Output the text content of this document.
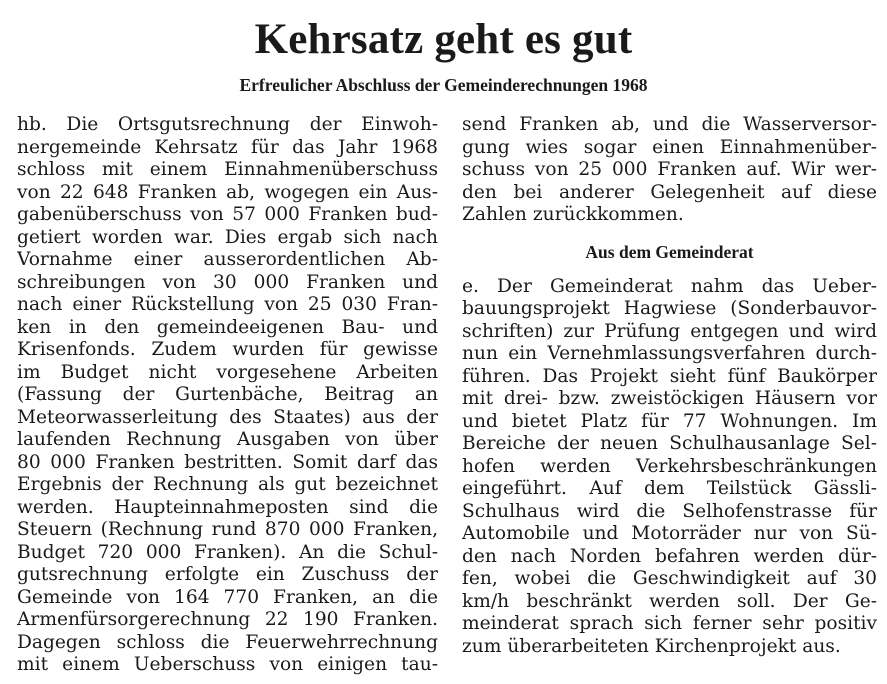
Kehrsatz geht es gut
Erfreulicher Abschluss der Gemeinderechnungen 1968
hb. Die Ortsgutsrechnung der Einwoh-
nergemeinde Kehrsatz für das Jahr 1968
schloss mit einem Einnahmenüberschuss
von 22 648 Franken ab, wogegen ein Aus-
gabenüberschuss von 57 000 Franken bud-
getiert worden war. Dies ergab sich nach
Vornahme einer ausserordentlichen Ab-
schreibungen von 30 000 Franken und
nach einer Rückstellung von 25 030 Fran-
ken in den gemeindeeigenen Bau- und
Krisenfonds. Zudem wurden für gewisse
im Budget nicht vorgesehene Arbeiten
(Fassung der Gurtenbäche, Beitrag an
Meteorwasserleitung des Staates) aus der
laufenden Rechnung Ausgaben von über
80 000 Franken bestritten. Somit darf das
Ergebnis der Rechnung als gut bezeichnet
werden. Haupteinnahmeposten sind die
Steuern (Rechnung rund 870 000 Franken,
Budget 720 000 Franken). An die Schul-
gutsrechnung erfolgte ein Zuschuss der
Gemeinde von 164 770 Franken, an die
Armenfürsorgerechnung 22 190 Franken.
Dagegen schloss die Feuerwehrrechnung
mit einem Ueberschuss von einigen tau-
send Franken ab, und die Wasserversor-
gung wies sogar einen Einnahmenüber-
schuss von 25 000 Franken auf. Wir wer-
den bei anderer Gelegenheit auf diese
Zahlen zurückkommen.
Aus dem Gemeinderat
e. Der Gemeinderat nahm das Ueber-
bauungsprojekt Hagwiese (Sonderbauvor-
schriften) zur Prüfung entgegen und wird
nun ein Vernehmlassungsverfahren durch-
führen. Das Projekt sieht fünf Baukörper
mit drei- bzw. zweistöckigen Häusern vor
und bietet Platz für 77 Wohnungen. Im
Bereiche der neuen Schulhausanlage Sel-
hofen werden Verkehrsbeschränkungen
eingeführt. Auf dem Teilstück Gässli-
Schulhaus wird die Selhofenstrasse für
Automobile und Motorräder nur von Sü-
den nach Norden befahren werden dür-
fen, wobei die Geschwindigkeit auf 30
km/h beschränkt werden soll. Der Ge-
meinderat sprach sich ferner sehr positiv
zum überarbeiteten Kirchenprojekt aus.
